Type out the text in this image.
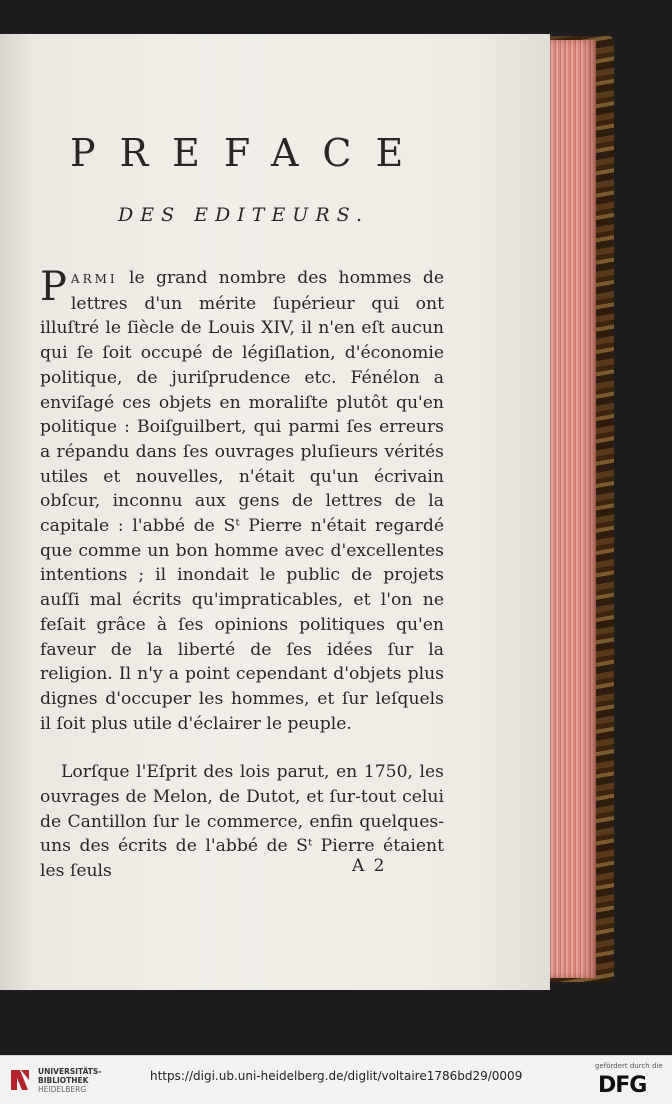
PREFACE
DES EDITEURS.

PARMI le grand nombre des hommes de lettres d'un mérite ſupérieur qui ont illuſtré le ſiècle de Louis XIV, il n'en eſt aucun qui ſe ſoit occupé de légiſlation, d'économie politique, de juriſprudence etc. Fénélon a enviſagé ces objets en moraliſte plutôt qu'en politique : Boiſguilbert, qui parmi ſes erreurs a répandu dans ſes ouvrages pluſieurs vérités utiles et nouvelles, n'était qu'un écrivain obſcur, inconnu aux gens de lettres de la capitale : l'abbé de Sᵗ Pierre n'était regardé que comme un bon homme avec d'excellentes intentions ; il inondait le public de projets auſſi mal écrits qu'impraticables, et l'on ne feſait grâce à ſes opinions politiques qu'en faveur de la liberté de ſes idées ſur la religion. Il n'y a point cependant d'objets plus dignes d'occuper les hommes, et ſur leſquels il ſoit plus utile d'éclairer le peuple.

Lorſque l'Eſprit des lois parut, en 1750, les ouvrages de Melon, de Dutot, et ſur-tout celui de Cantillon ſur le commerce, enfin quelques-uns des écrits de l'abbé de Sᵗ Pierre étaient les ſeuls	A 2
UNIVERSITÄTS-
BIBLIOTHEK
HEIDELBERG
https://digi.ub.uni-heidelberg.de/diglit/voltaire1786bd29/0009
gefördert durch die
DFG
